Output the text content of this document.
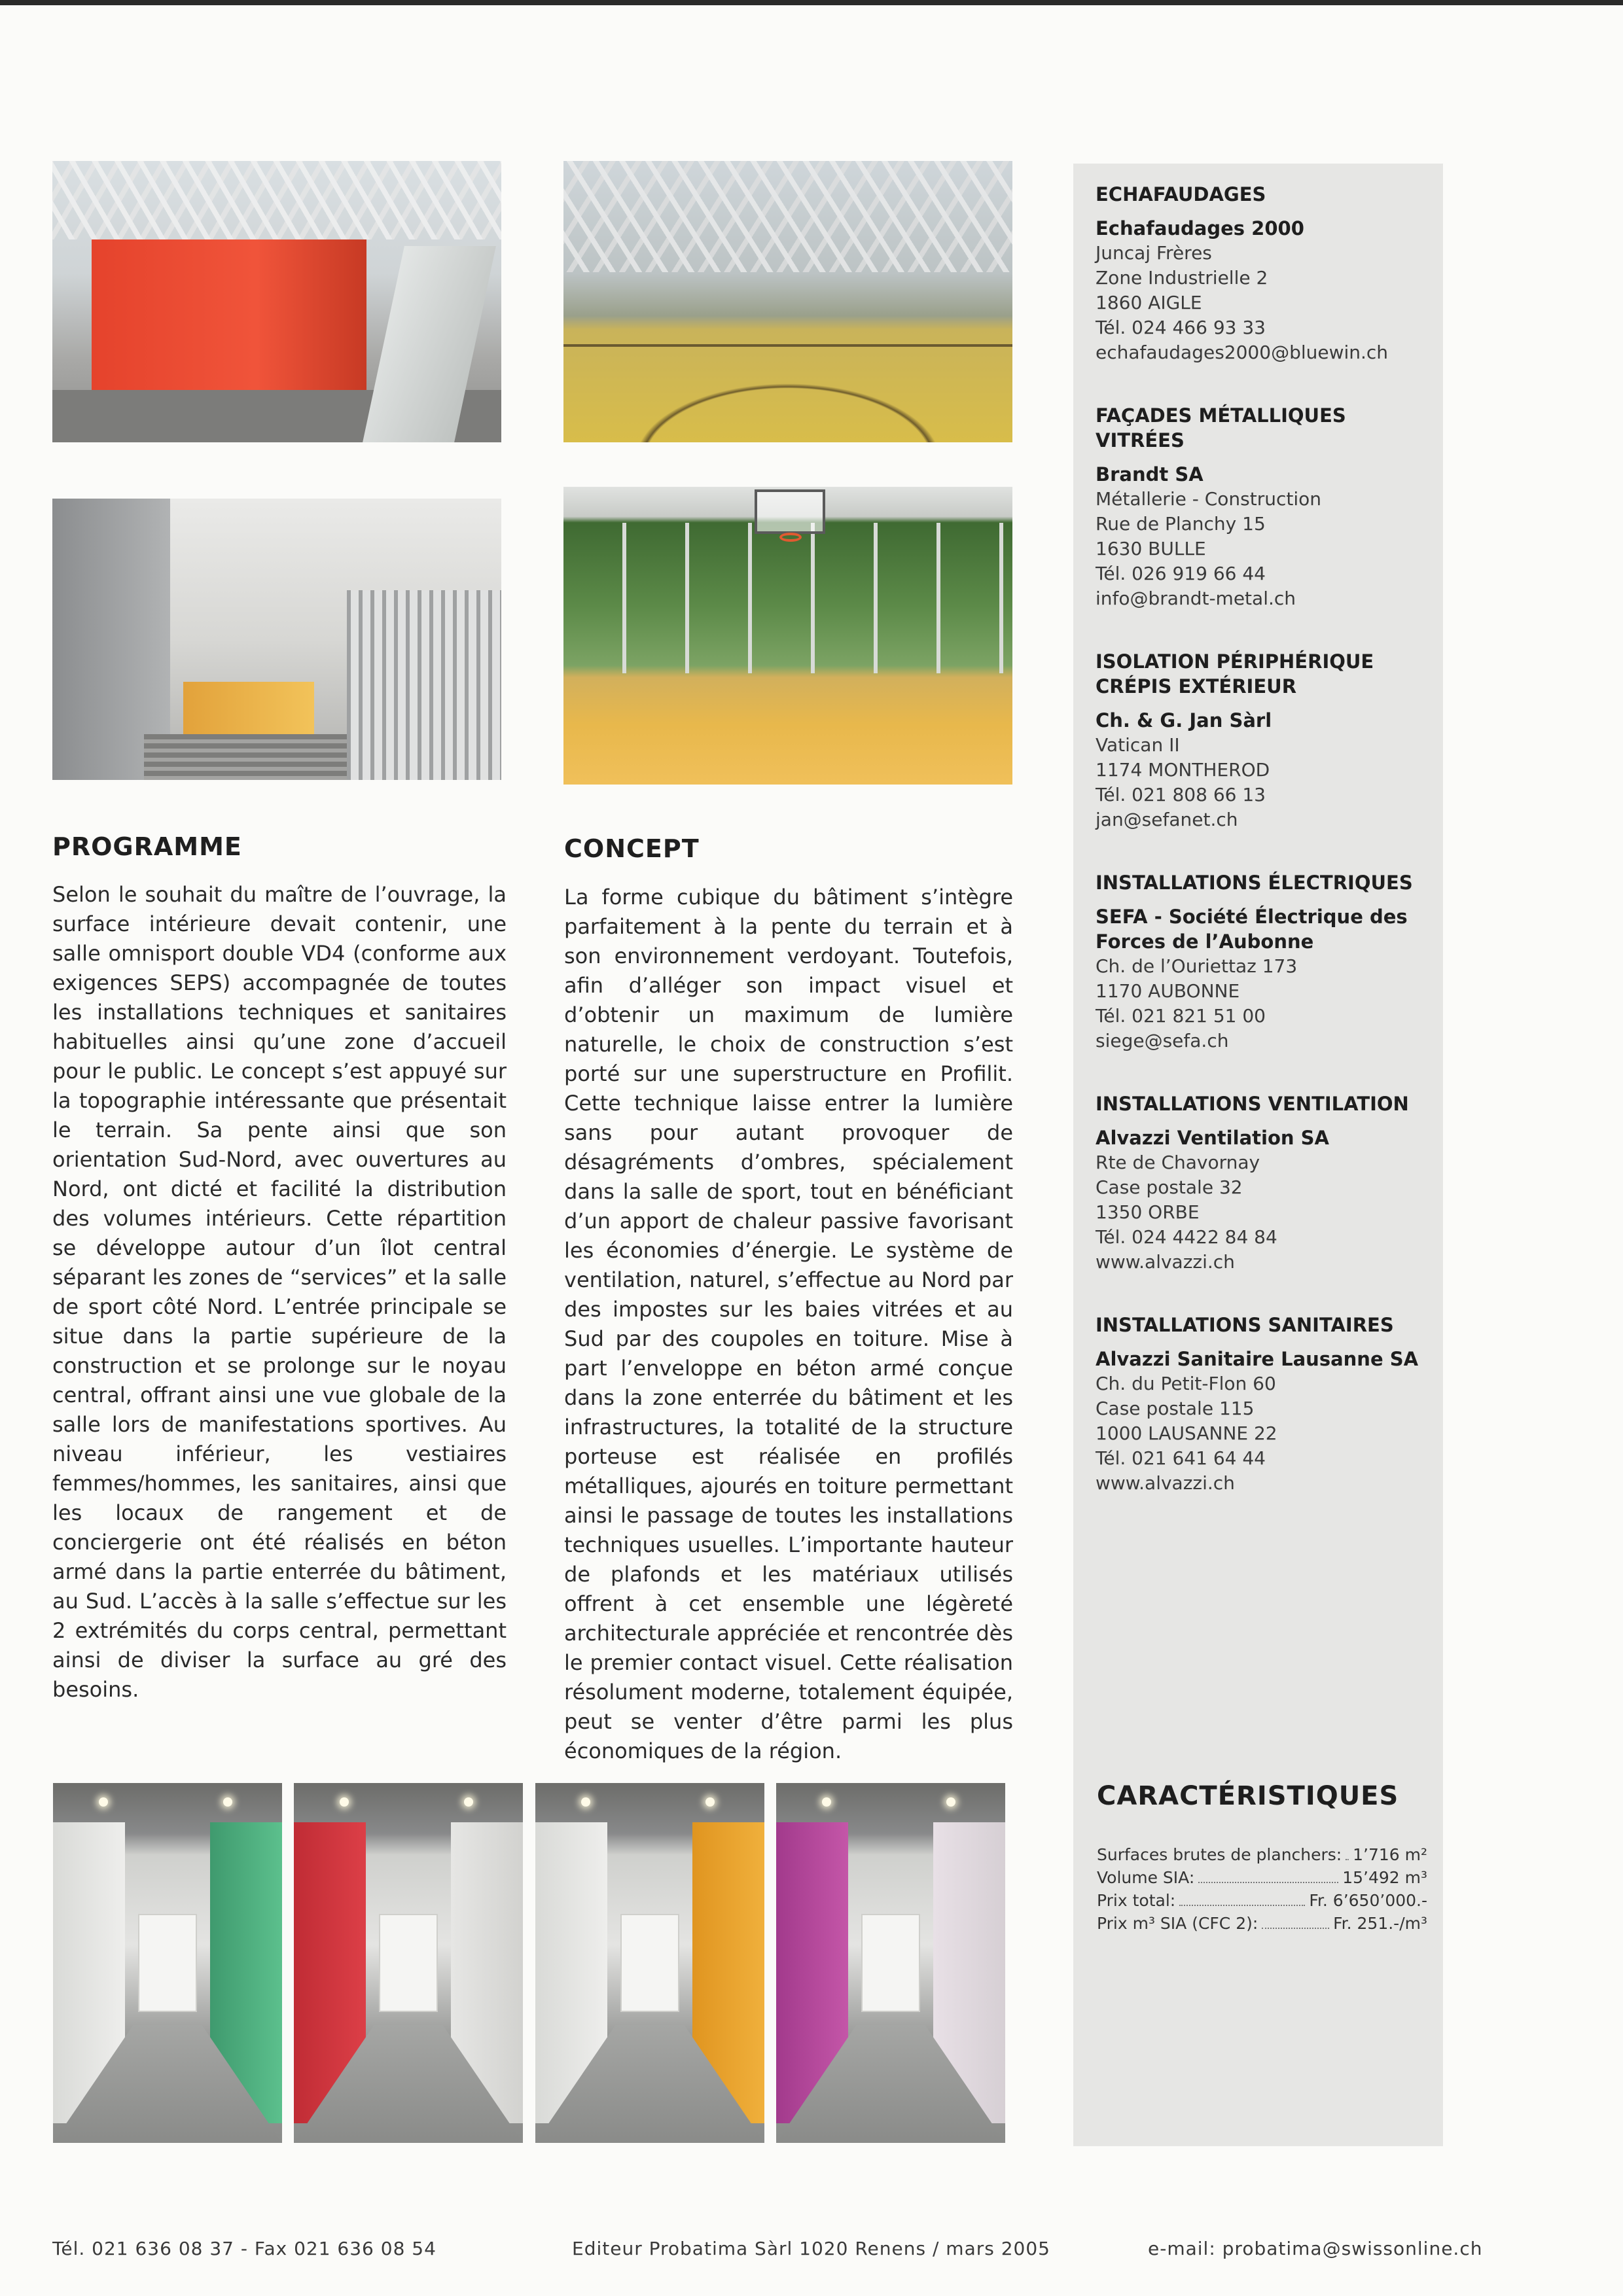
PROGRAMME
Selon le souhait du maître de l’ouvrage, la surface intérieure devait contenir, une salle omnisport double VD4 (conforme aux exigences SEPS) accompagnée de toutes les installations techniques et sanitaires habituelles ainsi qu’une zone d’accueil pour le public. Le concept s’est appuyé sur la topographie intéressante que présentait le terrain. Sa pente ainsi que son orientation Sud-Nord, avec ouvertures au Nord, ont dicté et facilité la distribution des volumes intérieurs. Cette répartition se développe autour d’un îlot central séparant les zones de “services” et la salle de sport côté Nord. L’entrée principale se situe dans la partie supérieure de la construction et se prolonge sur le noyau central, offrant ainsi une vue globale de la salle lors de manifestations sportives. Au niveau inférieur, les vestiaires femmes/hommes, les sanitaires, ainsi que les locaux de rangement et de conciergerie ont été réalisés en béton armé dans la partie enterrée du bâtiment, au Sud. L’accès à la salle s’effectue sur les 2 extrémités du corps central, permettant ainsi de diviser la surface au gré des besoins.
CONCEPT
La forme cubique du bâtiment s’intègre parfaitement à la pente du terrain et à son environnement verdoyant. Toutefois, afin d’alléger son impact visuel et d’obtenir un maximum de lumière naturelle, le choix de construction s’est porté sur une superstructure en Profilit. Cette technique laisse entrer la lumière sans pour autant provoquer de désagréments d’ombres, spécialement dans la salle de sport, tout en bénéficiant d’un apport de chaleur passive favorisant les économies d’énergie. Le système de ventilation, naturel, s’effectue au Nord par des impostes sur les baies vitrées et au Sud par des coupoles en toiture. Mise à part l’enveloppe en béton armé conçue dans la zone enterrée du bâtiment et les infrastructures, la totalité de la structure porteuse est réalisée en profilés métalliques, ajourés en toiture permettant ainsi le passage de toutes les installations techniques usuelles. L’importante hauteur de plafonds et les matériaux utilisés offrent à cet ensemble une légèreté architecturale appréciée et rencontrée dès le premier contact visuel. Cette réalisation résolument moderne, totalement équipée, peut se venter d’être parmi les plus économiques de la région.
ECHAFAUDAGES
Echafaudages 2000
Juncaj Frères
Zone Industrielle 2
1860 AIGLE
Tél. 024 466 93 33
echafaudages2000@bluewin.ch
FAÇADES MÉTALLIQUES VITRÉES
Brandt SA
Métallerie - Construction
Rue de Planchy 15
1630 BULLE
Tél. 026 919 66 44
info@brandt-metal.ch
ISOLATION PÉRIPHÉRIQUE CRÉPIS EXTÉRIEUR
Ch. & G. Jan Sàrl
Vatican II
1174 MONTHEROD
Tél. 021 808 66 13
jan@sefanet.ch
INSTALLATIONS ÉLECTRIQUES
SEFA - Société Électrique des Forces de l’Aubonne
Ch. de l’Ouriettaz 173
1170 AUBONNE
Tél. 021 821 51 00
siege@sefa.ch
INSTALLATIONS VENTILATION
Alvazzi Ventilation SA
Rte de Chavornay
Case postale 32
1350 ORBE
Tél. 024 4422 84 84
www.alvazzi.ch
INSTALLATIONS SANITAIRES
Alvazzi Sanitaire Lausanne SA
Ch. du Petit-Flon 60
Case postale 115
1000 LAUSANNE 22
Tél. 021 641 64 44
www.alvazzi.ch
CARACTÉRISTIQUES
Surfaces brutes de planchers: 1’716 m²
Volume SIA:	15’492 m³
Prix total:	Fr. 6’650’000.-
Prix m³ SIA (CFC 2):	Fr. 251.-/m³
Tél. 021 636 08 37 - Fax 021 636 08 54	Editeur Probatima Sàrl 1020 Renens / mars 2005	e-mail: probatima@swissonline.ch
